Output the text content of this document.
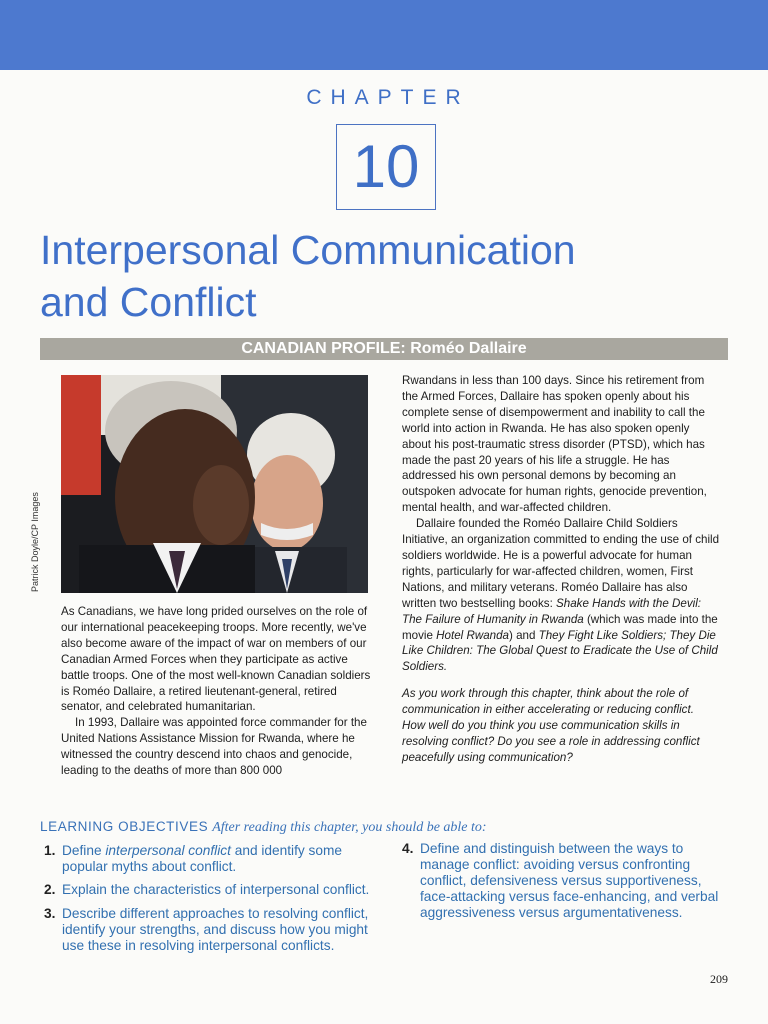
CHAPTER
10
Interpersonal Communication
and Conflict
CANADIAN PROFILE: Roméo Dallaire
Patrick Doyle/CP Images

As Canadians, we have long prided ourselves on the role of our international peacekeeping troops. More recently, we've also become aware of the impact of war on members of our Canadian Armed Forces when they participate as active battle troops. One of the most well-known Canadian soldiers is Roméo Dallaire, a retired lieutenant-general, retired senator, and celebrated humanitarian.

In 1993, Dallaire was appointed force commander for the United Nations Assistance Mission for Rwanda, where he witnessed the country descend into chaos and genocide, leading to the deaths of more than 800 000

Rwandans in less than 100 days. Since his retirement from the Armed Forces, Dallaire has spoken openly about his complete sense of disempowerment and inability to call the world into action in Rwanda. He has also spoken openly about his post-traumatic stress disorder (PTSD), which has made the past 20 years of his life a struggle. He has addressed his own personal demons by becoming an outspoken advocate for human rights, genocide prevention, mental health, and war-affected children.

Dallaire founded the Roméo Dallaire Child Soldiers Initiative, an organization committed to ending the use of child soldiers worldwide. He is a powerful advocate for human rights, particularly for war-affected children, women, First Nations, and military veterans. Roméo Dallaire has also written two bestselling books: Shake Hands with the Devil: The Failure of Humanity in Rwanda (which was made into the movie Hotel Rwanda) and They Fight Like Soldiers; They Die Like Children: The Global Quest to Eradicate the Use of Child Soldiers.

As you work through this chapter, think about the role of communication in either accelerating or reducing conflict. How well do you think you use communication skills in resolving conflict? Do you see a role in addressing conflict peacefully using communication?

LEARNING OBJECTIVES After reading this chapter, you should be able to:
1. Define interpersonal conflict and identify some popular myths about conflict.
2. Explain the characteristics of interpersonal conflict.
3. Describe different approaches to resolving conflict, identify your strengths, and discuss how you might use these in resolving interpersonal conflicts.
4. Define and distinguish between the ways to manage conflict: avoiding versus confronting conflict, defensiveness versus supportiveness, face-attacking versus face-enhancing, and verbal aggressiveness versus argumentativeness.
209
